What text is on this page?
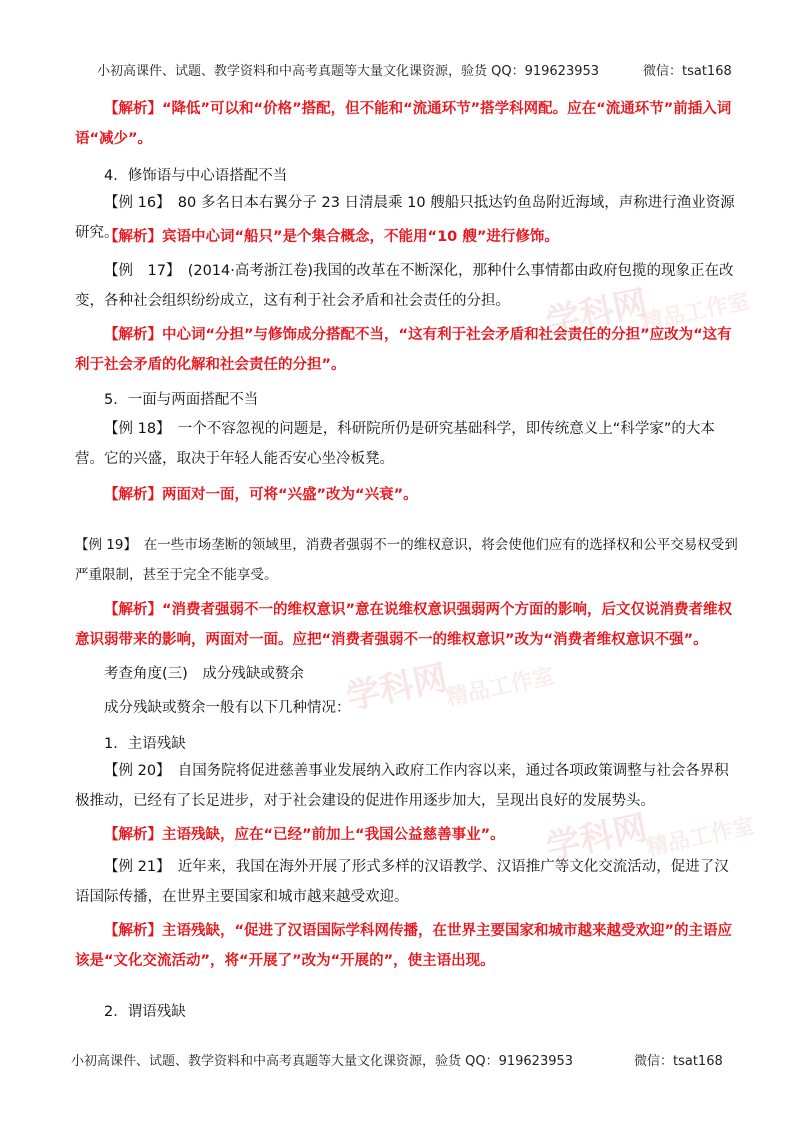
学科网
精品工作室
学科网
精品工作室
学科网
精品工作室
小初高课件、试题、教学资料和中高考真题等大量文化课资源，验货 QQ：919623953	微信：tsat168
【解析】“降低”可以和“价格”搭配，但不能和“流通环节”搭学科网配。应在“流通环节”前插入词语“减少”。
4．修饰语与中心语搭配不当
【例 16】　80 多名日本右翼分子 23 日清晨乘 10 艘船只抵达钓鱼岛附近海域，声称进行渔业资源研究。
【解析】宾语中心词“船只”是个集合概念，不能用“10 艘”进行修饰。
【例　17】　(2014·高考浙江卷)我国的改革在不断深化，那种什么事情都由政府包揽的现象正在改变，各种社会组织纷纷成立，这有利于社会矛盾和社会责任的分担。
【解析】中心词“分担”与修饰成分搭配不当，“这有利于社会矛盾和社会责任的分担”应改为“这有利于社会矛盾的化解和社会责任的分担”。
5．一面与两面搭配不当
【例 18】　一个不容忽视的问题是，科研院所仍是研究基础科学，即传统意义上“科学家”的大本营。它的兴盛，取决于年轻人能否安心坐冷板凳。
【解析】两面对一面，可将“兴盛”改为“兴衰”。
【例 19】　在一些市场垄断的领域里，消费者强弱不一的维权意识，将会使他们应有的选择权和公平交易权受到严重限制，甚至于完全不能享受。
【解析】“消费者强弱不一的维权意识”意在说维权意识强弱两个方面的影响，后文仅说消费者维权意识弱带来的影响，两面对一面。应把“消费者强弱不一的维权意识”改为“消费者维权意识不强”。
考查角度(三)　成分残缺或赘余
成分残缺或赘余一般有以下几种情况：
1．主语残缺
【例 20】　自国务院将促进慈善事业发展纳入政府工作内容以来，通过各项政策调整与社会各界积极推动，已经有了长足进步，对于社会建设的促进作用逐步加大，呈现出良好的发展势头。
【解析】主语残缺，应在“已经”前加上“我国公益慈善事业”。
【例 21】　近年来，我国在海外开展了形式多样的汉语教学、汉语推广等文化交流活动，促进了汉语国际传播，在世界主要国家和城市越来越受欢迎。
【解析】主语残缺，“促进了汉语国际学科网传播，在世界主要国家和城市越来越受欢迎”的主语应该是“文化交流活动”，将“开展了”改为“开展的”，使主语出现。
2．谓语残缺
小初高课件、试题、教学资料和中高考真题等大量文化课资源，验货 QQ：919623953	微信：tsat168
